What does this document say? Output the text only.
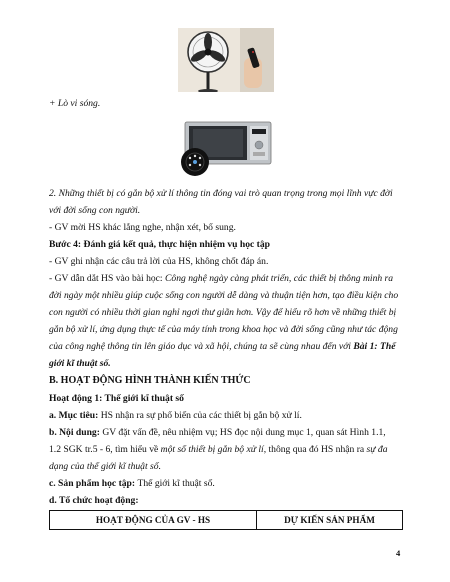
+ Lò vi sóng.
2. Những thiết bị có gắn bộ xử lí thông tin đóng vai trò quan trọng trong mọi lĩnh vực đời
với đời sống con người.
- GV mời HS khác lắng nghe, nhận xét, bổ sung.
Bước 4: Đánh giá kết quả, thực hiện nhiệm vụ học tập
- GV ghi nhận các câu trả lời của HS, không chốt đáp án.
- GV dẫn dắt HS vào bài học: Công nghệ ngày càng phát triển, các thiết bị thông minh ra
đời ngày một nhiều giúp cuộc sống con người dễ dàng và thuận tiện hơn, tạo điều kiện cho
con người có nhiều thời gian nghỉ ngơi thư giãn hơn. Vậy để hiểu rõ hơn về những thiết bị
gắn bộ xử lí, ứng dụng thực tế của máy tính trong khoa học và đời sống cũng như tác động
của công nghệ thông tin lên giáo dục và xã hội, chúng ta sẽ cùng nhau đến với Bài 1: Thế
giới kĩ thuật số.
B. HOẠT ĐỘNG HÌNH THÀNH KIẾN THỨC
Hoạt động 1: Thế giới kĩ thuật số
a. Mục tiêu: HS nhận ra sự phổ biến của các thiết bị gắn bộ xử lí.
b. Nội dung: GV đặt vấn đề, nêu nhiệm vụ; HS đọc nội dung mục 1, quan sát Hình 1.1,
1.2 SGK tr.5 - 6, tìm hiểu về một số thiết bị gắn bộ xử lí, thông qua đó HS nhận ra sự đa
dạng của thế giới kĩ thuật số.
c. Sản phẩm học tập: Thế giới kĩ thuật số.
d. Tổ chức hoạt động:
HOẠT ĐỘNG CỦA GV - HS	DỰ KIẾN SẢN PHẨM
4
